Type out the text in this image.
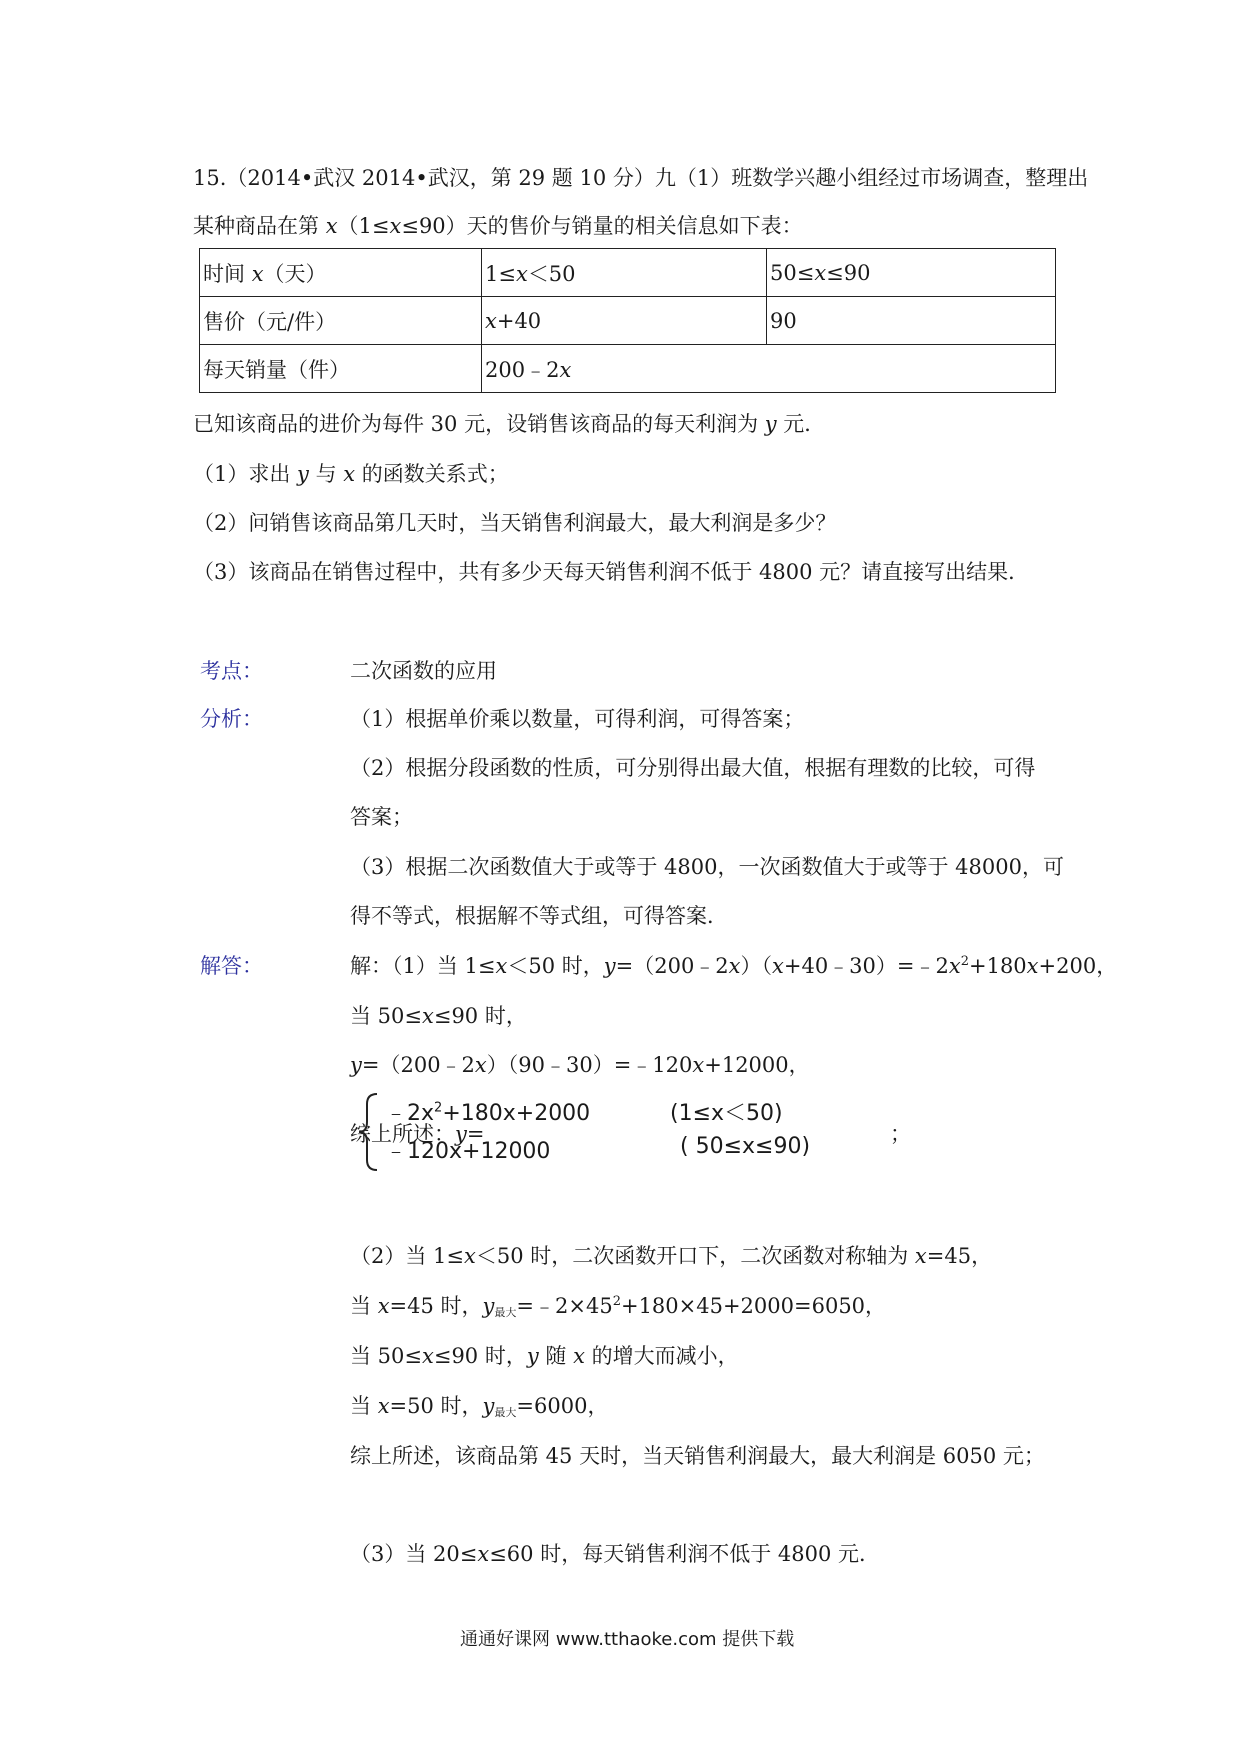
15.（2014•武汉 2014•武汉，第 29 题 10 分）九（1）班数学兴趣小组经过市场调查，整理出
某种商品在第 x（1≤x≤90）天的售价与销量的相关信息如下表：
时间 x（天）	1≤x＜50	50≤x≤90
售价（元/件）	x+40	90
每天销量（件）	200﹣2x	
已知该商品的进价为每件 30 元，设销售该商品的每天利润为 y 元．
（1）求出 y 与 x 的函数关系式；
（2）问销售该商品第几天时，当天销售利润最大，最大利润是多少？
（3）该商品在销售过程中，共有多少天每天销售利润不低于 4800 元？请直接写出结果．
考点：	二次函数的应用
分析：	（1）根据单价乘以数量，可得利润，可得答案；
（2）根据分段函数的性质，可分别得出最大值，根据有理数的比较，可得
答案；
（3）根据二次函数值大于或等于 4800，一次函数值大于或等于 48000，可
得不等式，根据解不等式组，可得答案．
解答：	解：（1）当 1≤x＜50 时，$y=(200﹣2x)(x+40﹣30)=﹣2x^2+180x+200$，
当 50≤x≤90 时，
y=（200﹣2x）（90﹣30）=﹣120x+12000，
综上所述：y=
$﹣2x^2+180x+2000$	(1≤x＜50)
﹣120x+12000	( 50≤x≤90)	；
（2）当 1≤x＜50 时，二次函数开口下，二次函数对称轴为 x=45，
当 x=45 时，$y_{最大}=﹣2\times 45^2+180\times 45+2000=6050$，
当 50≤x≤90 时，y 随 x 的增大而减小，
当 x=50 时，$y_{最大}=6000$，
综上所述，该商品第 45 天时，当天销售利润最大，最大利润是 6050 元；
（3）当 20≤x≤60 时，每天销售利润不低于 4800 元．
通通好课网 www.tthaoke.com 提供下载
